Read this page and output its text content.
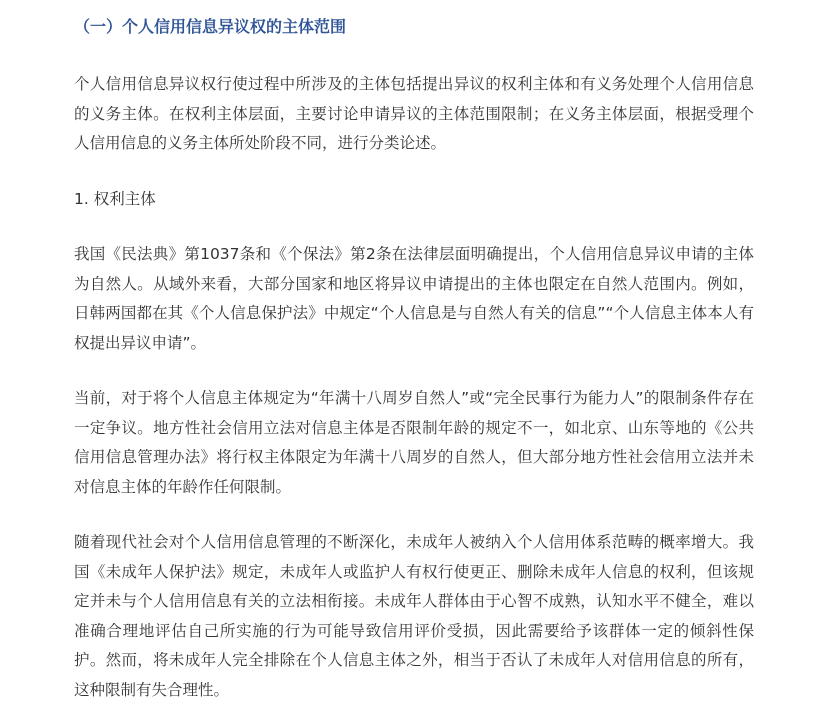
（一）个人信用信息异议权的主体范围

个人信用信息异议权行使过程中所涉及的主体包括提出异议的权利主体和有义务处理个人信用信息的义务主体。在权利主体层面，主要讨论申请异议的主体范围限制；在义务主体层面，根据受理个人信用信息的义务主体所处阶段不同，进行分类论述。

1. 权利主体

我国《民法典》第1037条和《个保法》第2条在法律层面明确提出，个人信用信息异议申请的主体为自然人。从域外来看，大部分国家和地区将异议申请提出的主体也限定在自然人范围内。例如，日韩两国都在其《个人信息保护法》中规定“个人信息是与自然人有关的信息”“个人信息主体本人有权提出异议申请”。

当前，对于将个人信息主体规定为“年满十八周岁自然人”或“完全民事行为能力人”的限制条件存在一定争议。地方性社会信用立法对信息主体是否限制年龄的规定不一，如北京、山东等地的《公共信用信息管理办法》将行权主体限定为年满十八周岁的自然人，但大部分地方性社会信用立法并未对信息主体的年龄作任何限制。

随着现代社会对个人信用信息管理的不断深化，未成年人被纳入个人信用体系范畴的概率增大。我国《未成年人保护法》规定，未成年人或监护人有权行使更正、删除未成年人信息的权利，但该规定并未与个人信用信息有关的立法相衔接。未成年人群体由于心智不成熟，认知水平不健全，难以准确合理地评估自己所实施的行为可能导致信用评价受损，因此需要给予该群体一定的倾斜性保护。然而，将未成年人完全排除在个人信息主体之外，相当于否认了未成年人对信用信息的所有，这种限制有失合理性。
